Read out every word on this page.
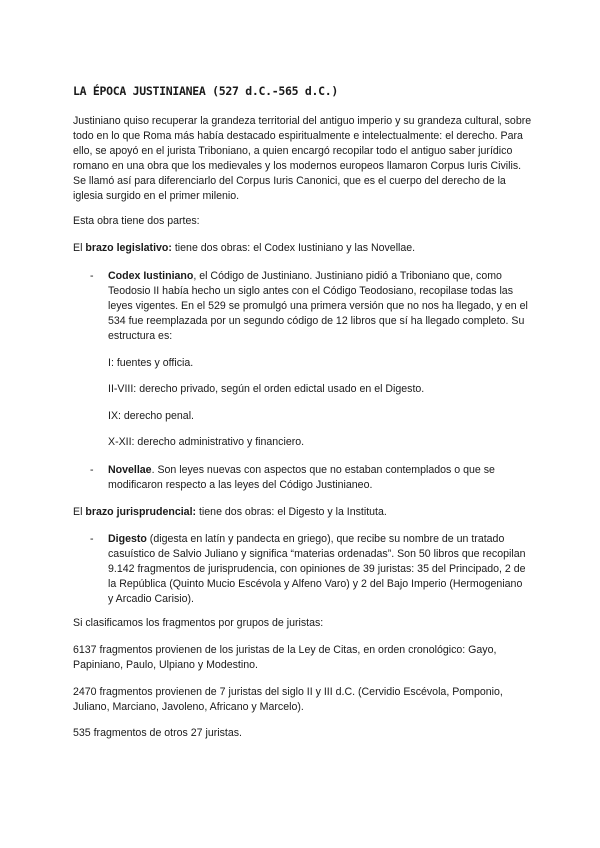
LA ÉPOCA JUSTINIANEA (527 d.C.-565 d.C.)

Justiniano quiso recuperar la grandeza territorial del antiguo imperio y su grandeza cultural, sobre todo en lo que Roma más había destacado espiritualmente e intelectualmente: el derecho. Para ello, se apoyó en el jurista Triboniano, a quien encargó recopilar todo el antiguo saber jurídico romano en una obra que los medievales y los modernos europeos llamaron Corpus Iuris Civilis. Se llamó así para diferenciarlo del Corpus Iuris Canonici, que es el cuerpo del derecho de la iglesia surgido en el primer milenio.

Esta obra tiene dos partes:

El brazo legislativo: tiene dos obras: el Codex Iustiniano y las Novellae.

- Codex Iustiniano, el Código de Justiniano. Justiniano pidió a Triboniano que, como Teodosio II había hecho un siglo antes con el Código Teodosiano, recopilase todas las leyes vigentes. En el 529 se promulgó una primera versión que no nos ha llegado, y en el 534 fue reemplazada por un segundo código de 12 libros que sí ha llegado completo. Su estructura es:

I: fuentes y officia.

II-VIII: derecho privado, según el orden edictal usado en el Digesto.

IX: derecho penal.

X-XII: derecho administrativo y financiero.

- Novellae. Son leyes nuevas con aspectos que no estaban contemplados o que se modificaron respecto a las leyes del Código Justinianeo.

El brazo jurisprudencial: tiene dos obras: el Digesto y la Instituta.

- Digesto (digesta en latín y pandecta en griego), que recibe su nombre de un tratado casuístico de Salvio Juliano y significa “materias ordenadas”. Son 50 libros que recopilan 9.142 fragmentos de jurisprudencia, con opiniones de 39 juristas: 35 del Principado, 2 de la República (Quinto Mucio Escévola y Alfeno Varo) y 2 del Bajo Imperio (Hermogeniano y Arcadio Carisio).

Si clasificamos los fragmentos por grupos de juristas:

6137 fragmentos provienen de los juristas de la Ley de Citas, en orden cronológico: Gayo, Papiniano, Paulo, Ulpiano y Modestino.

2470 fragmentos provienen de 7 juristas del siglo II y III d.C. (Cervidio Escévola, Pomponio, Juliano, Marciano, Javoleno, Africano y Marcelo).

535 fragmentos de otros 27 juristas.
